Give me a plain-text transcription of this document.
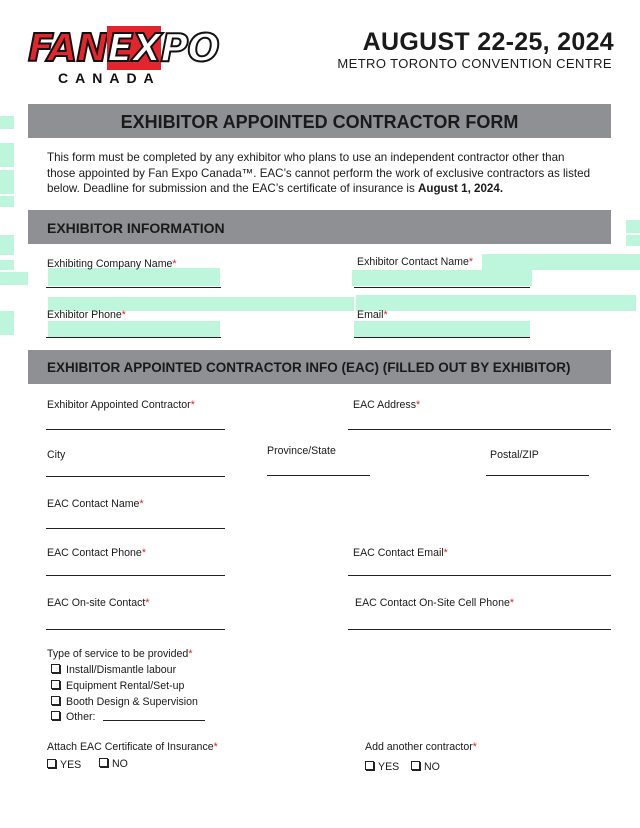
FANEXPO
CANADA
AUGUST 22-25, 2024
METRO TORONTO CONVENTION CENTRE
EXHIBITOR APPOINTED CONTRACTOR FORM
This form must be completed by any exhibitor who plans to use an independent contractor other than those appointed by Fan Expo Canada™. EAC’s cannot perform the work of exclusive contractors as listed below. Deadline for submission and the EAC’s certificate of insurance is August 1, 2024.
EXHIBITOR INFORMATION
Exhibiting Company Name*	Exhibitor Contact Name*
Exhibitor Phone*	Email*
EXHIBITOR APPOINTED CONTRACTOR INFO (EAC) (FILLED OUT BY EXHIBITOR)
Exhibitor Appointed Contractor*	EAC Address*
City	Province/State	Postal/ZIP
EAC Contact Name*
EAC Contact Phone*	EAC Contact Email*
EAC On-site Contact*	EAC Contact On-Site Cell Phone*
Type of service to be provided*
Install/Dismantle labour
Equipment Rental/Set-up
Booth Design & Supervision
Other:
Attach EAC Certificate of Insurance*
YES	NO
Add another contractor*
YES	NO
